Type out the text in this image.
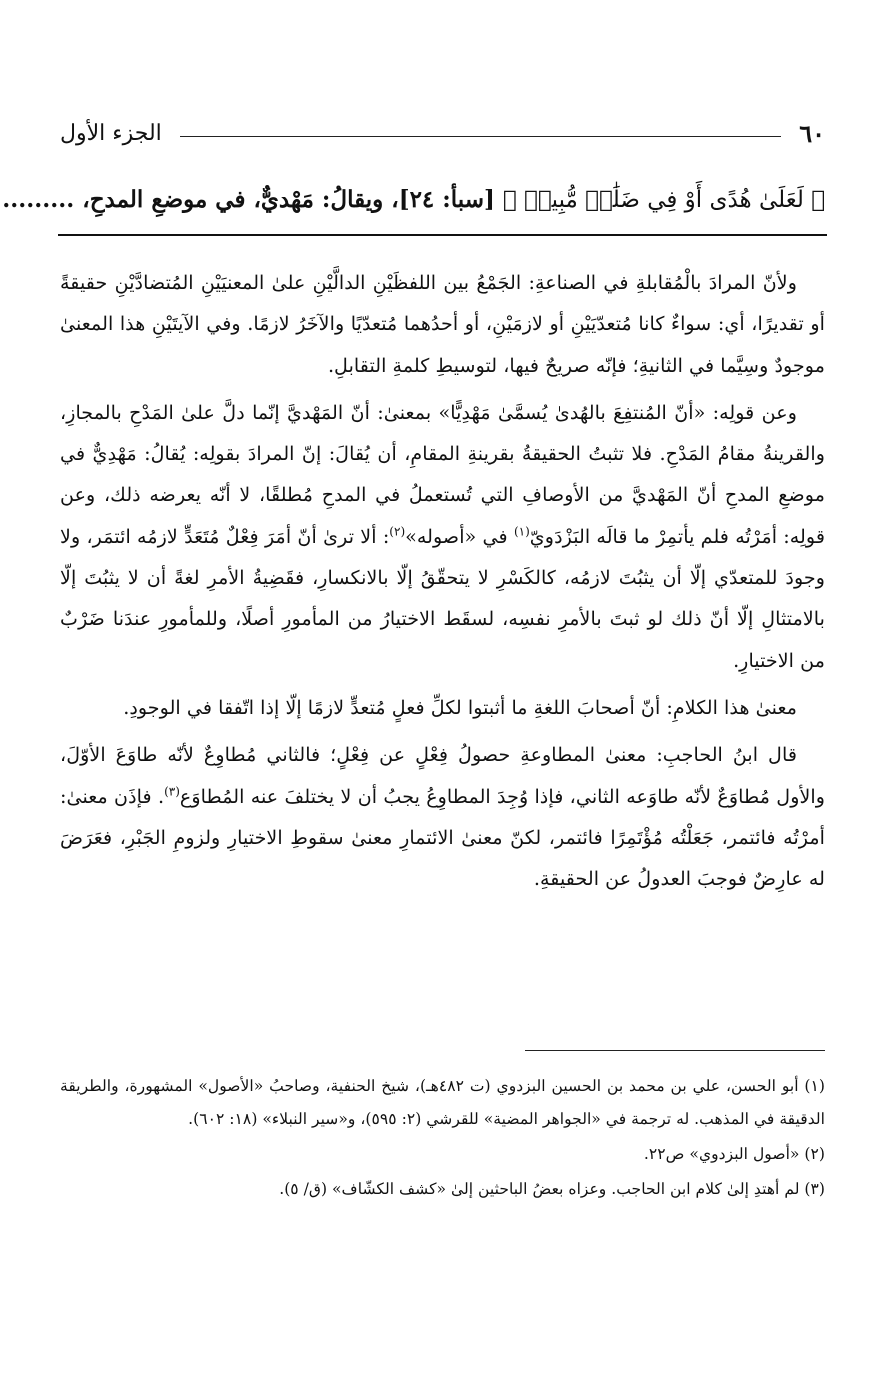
٦٠
الجزء الأول
﴿ لَعَلَىٰ هُدًى أَوْ فِي ضَلَٰلٖ مُّبِينٖ ﴾ [سبأ: ٢٤]، ويقالُ: مَهْديٌّ، في موضعِ المدحِ، .........

ولأنّ المرادَ بالْمُقابلةِ في الصناعةِ: الجَمْعُ بين اللفظَيْنِ الدالَّيْنِ علىٰ المعنيَيْنِ المُتضادَّيْنِ حقيقةً أو تقديرًا، أي: سواءٌ كانا مُتعدّيَيْنِ أو لازمَيْنِ، أو أحدُهما مُتعدّيًا والآخَرُ لازمًا. وفي الآيتَيْنِ هذا المعنىٰ موجودٌ وسِيَّما في الثانيةِ؛ فإنّه صريحٌ فيها، لتوسيطِ كلمةِ التقابلِ.

وعن قولِه: «أنّ المُنتفِعَ بالهُدىٰ يُسمَّىٰ مَهْدِيًّا» بمعنىٰ: أنّ المَهْديَّ إنّما دلَّ علىٰ المَدْحِ بالمجازِ، والقرينةُ مقامُ المَدْحِ. فلا تثبتُ الحقيقةُ بقرينةِ المقامِ، أن يُقالَ: إنّ المرادَ بقولِه: يُقالُ: مَهْدِيٌّ في موضعِ المدحِ أنّ المَهْديَّ من الأوصافِ التي تُستعملُ في المدحِ مُطلقًا، لا أنّه يعرضه ذلك، وعن قولِه: أمَرْتُه فلم يأتمِرْ ما قالَه البَزْدَويّ$^{(١)}$ في «أصوله»$^{(٢)}$: ألا ترىٰ أنّ أمَرَ فِعْلٌ مُتَعَدٍّ لازمُه ائتمَر، ولا وجودَ للمتعدّي إلّا أن يثبُتَ لازمُه، كالكَسْرِ لا يتحقّقُ إلّا بالانكسارِ، فقَضِيةُ الأمرِ لغةً أن لا يثبُتَ إلّا بالامتثالِ إلّا أنّ ذلك لو ثبتَ بالأمرِ نفسِه، لسقَط الاختيارُ من المأمورِ أصلًا، وللمأمورِ عندَنا ضَرْبٌ من الاختيارِ.

معنىٰ هذا الكلامِ: أنّ أصحابَ اللغةِ ما أثبتوا لكلِّ فعلٍ مُتعدٍّ لازمًا إلّا إذا اتّفقا في الوجودِ.

قال ابنُ الحاجبِ: معنىٰ المطاوعةِ حصولُ فِعْلٍ عن فِعْلٍ؛ فالثاني مُطاوِعٌ لأنّه طاوَعَ الأوّلَ، والأول مُطاوَعٌ لأنّه طاوَعه الثاني، فإذا وُجِدَ المطاوِعُ يجبُ أن لا يختلفَ عنه المُطاوَع$^{(٣)}$. فإذَن معنىٰ: أمرْتُه فائتمر، جَعَلْتُه مُؤْتَمِرًا فائتمر، لكنّ معنىٰ الائتمارِ معنىٰ سقوطِ الاختيارِ ولزومِ الجَبْرِ، فعَرَضَ له عارِضٌ فوجبَ العدولُ عن الحقيقةِ.

(١) أبو الحسن، علي بن محمد بن الحسين البزدوي (ت ٤٨٢هـ)، شيخ الحنفية، وصاحبُ «الأصول» المشهورة، والطريقة الدقيقة في المذهب. له ترجمة في «الجواهر المضية» للقرشي (٢: ٥٩٥)، و«سير النبلاء» (١٨: ٦٠٢).

(٢) «أصول البزدوي» ص٢٢.

(٣) لم أهتدِ إلىٰ كلام ابن الحاجب. وعزاه بعضُ الباحثين إلىٰ «كشف الكشّاف» (ق/ ٥).
